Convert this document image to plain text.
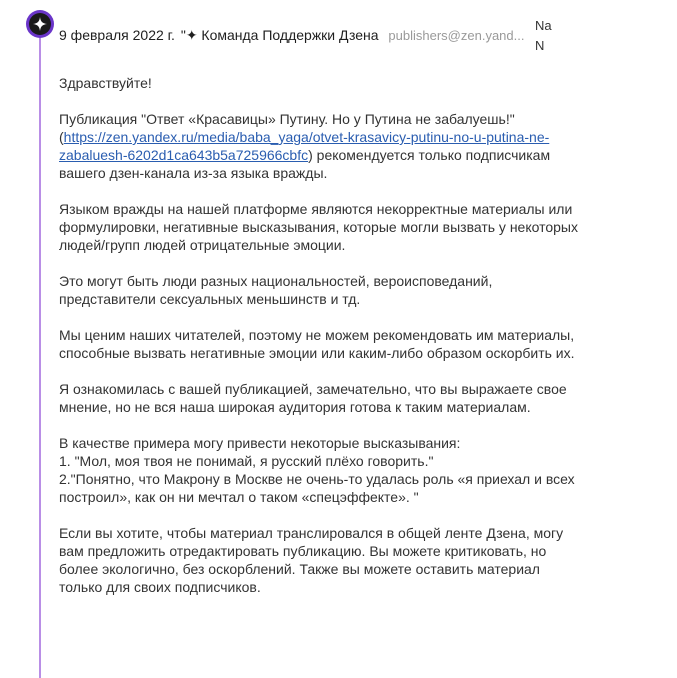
9 февраля 2022 г. "✦ Команда Поддержки Дзена publishers@zen.yand...
Na
N

Здравствуйте!

Публикация "Ответ «Красавицы» Путину. Но у Путина не забалуешь!" (https://zen.yandex.ru/media/baba_yaga/otvet-krasavicy-putinu-no-u-putina-ne-zabaluesh-6202d1ca643b5a725966cbfc) рекомендуется только подписчикам вашего дзен-канала из-за языка вражды.

Языком вражды на нашей платформе являются некорректные материалы или формулировки, негативные высказывания, которые могли вызвать у некоторых людей/групп людей отрицательные эмоции.

Это могут быть люди разных национальностей, вероисповеданий, представители сексуальных меньшинств и тд.

Мы ценим наших читателей, поэтому не можем рекомендовать им материалы, способные вызвать негативные эмоции или каким-либо образом оскорбить их.

Я ознакомилась с вашей публикацией, замечательно, что вы выражаете свое мнение, но не вся наша широкая аудитория готова к таким материалам.

В качестве примера могу привести некоторые высказывания:
1. "Мол, моя твоя не понимай, я русский плёхо говорить."
2."Понятно, что Макрону в Москве не очень-то удалась роль «я приехал и всех построил», как он ни мечтал о таком «спецэффекте». "

Если вы хотите, чтобы материал транслировался в общей ленте Дзена, могу вам предложить отредактировать публикацию. Вы можете критиковать, но более экологично, без оскорблений. Также вы можете оставить материал только для своих подписчиков.
